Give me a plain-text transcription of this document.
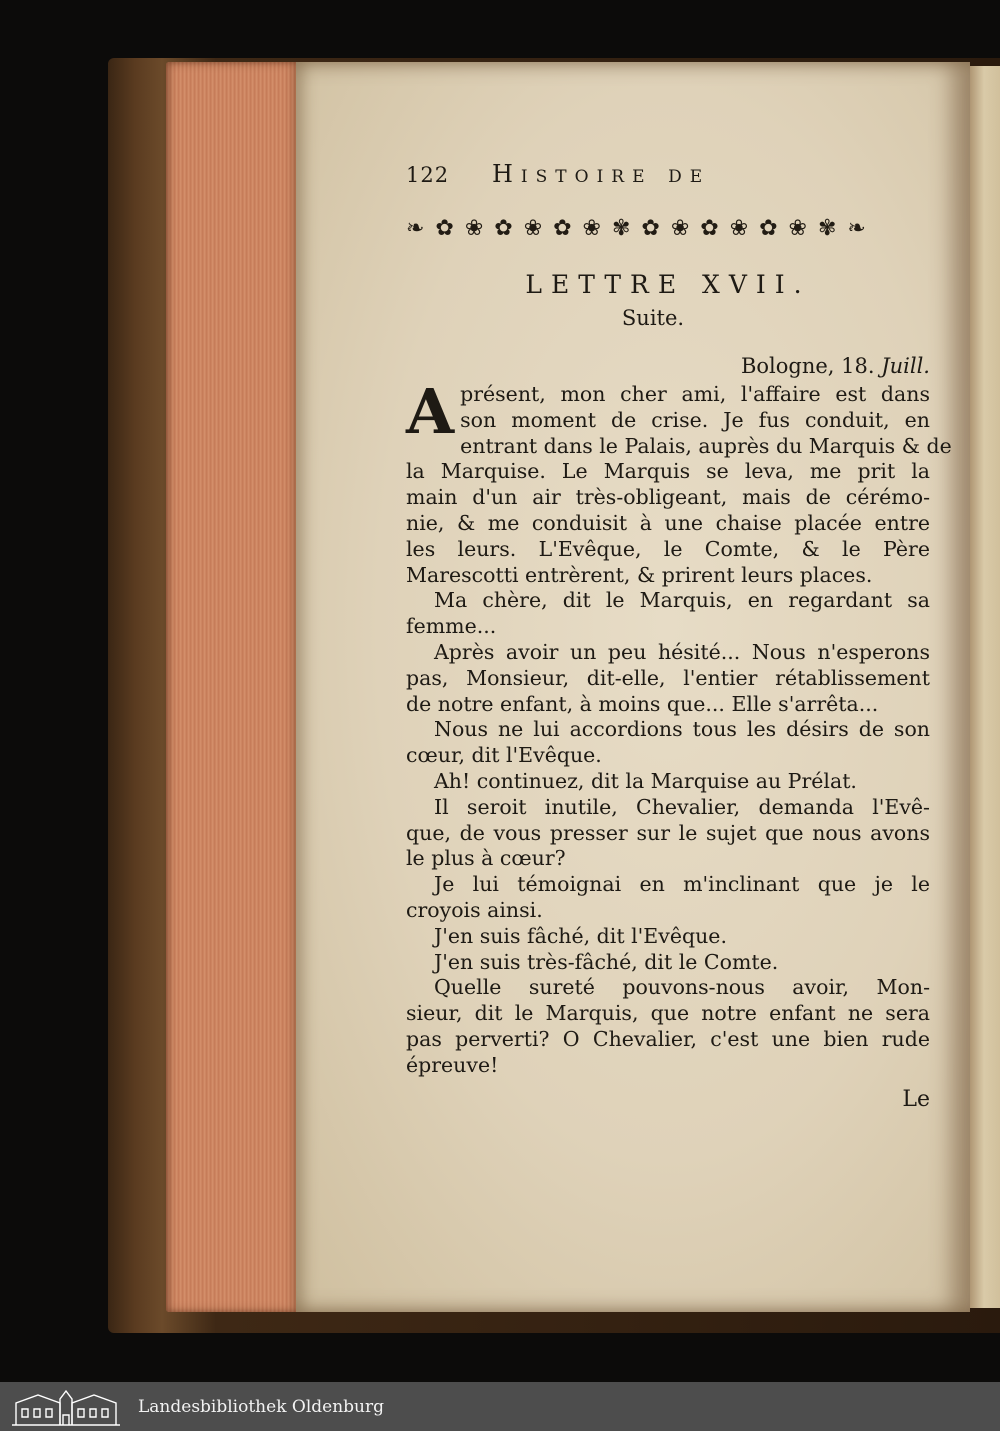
122	Histoire de
❧ ✿ ❀ ✿ ❀ ✿ ❀ ✾ ✿ ❀ ✿ ❀ ✿ ❀ ✾ ❧
LETTRE XVII.
Suite.
Bologne, 18. Juill.
A présent, mon cher ami, l'affaire est dans
son moment de crise. Je fus conduit, en
entrant dans le Palais, auprès du Marquis & de
la Marquise. Le Marquis se leva, me prit la
main d'un air très-obligeant, mais de cérémo-
nie, & me conduisit à une chaise placée entre
les leurs. L'Evêque, le Comte, & le Père
Marescotti entrèrent, & prirent leurs places.
Ma chère, dit le Marquis, en regardant sa
femme...
Après avoir un peu hésité... Nous n'esperons
pas, Monsieur, dit-elle, l'entier rétablissement
de notre enfant, à moins que... Elle s'arrêta...
Nous ne lui accordions tous les désirs de son
cœur, dit l'Evêque.
Ah! continuez, dit la Marquise au Prélat.
Il seroit inutile, Chevalier, demanda l'Evê-
que, de vous presser sur le sujet que nous avons
le plus à cœur?
Je lui témoignai en m'inclinant que je le
croyois ainsi.
J'en suis fâché, dit l'Evêque.
J'en suis très-fâché, dit le Comte.
Quelle sureté pouvons-nous avoir, Mon-
sieur, dit le Marquis, que notre enfant ne sera
pas perverti? O Chevalier, c'est une bien rude
épreuve!
Le
Landesbibliothek Oldenburg
